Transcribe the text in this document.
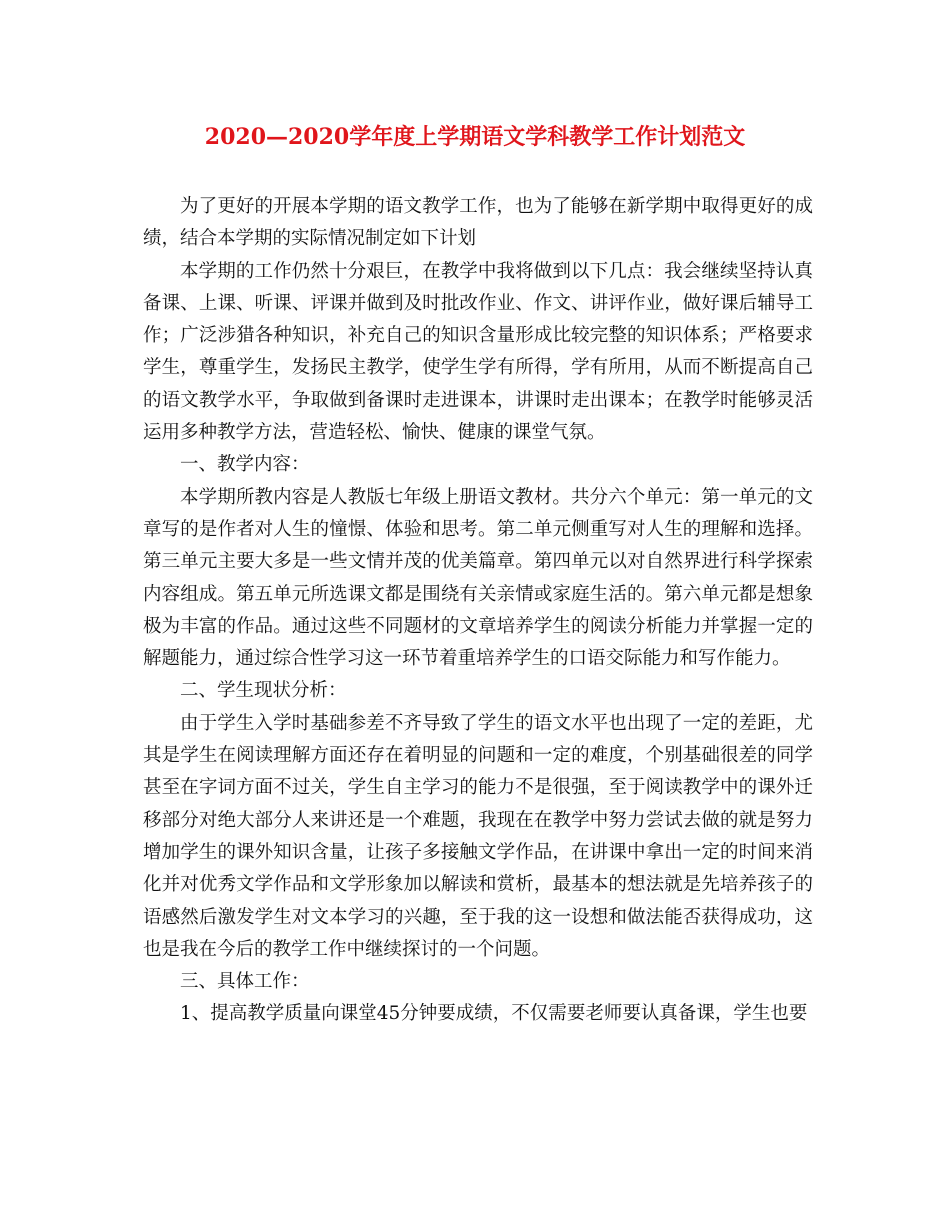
2020—2020学年度上学期语文学科教学工作计划范文

为了更好的开展本学期的语文教学工作，也为了能够在新学期中取得更好的成绩，结合本学期的实际情况制定如下计划

本学期的工作仍然十分艰巨，在教学中我将做到以下几点：我会继续坚持认真备课、上课、听课、评课并做到及时批改作业、作文、讲评作业，做好课后辅导工作；广泛涉猎各种知识，补充自己的知识含量形成比较完整的知识体系；严格要求学生，尊重学生，发扬民主教学，使学生学有所得，学有所用，从而不断提高自己的语文教学水平，争取做到备课时走进课本，讲课时走出课本；在教学时能够灵活运用多种教学方法，营造轻松、愉快、健康的课堂气氛。

一、教学内容：

本学期所教内容是人教版七年级上册语文教材。共分六个单元：第一单元的文章写的是作者对人生的憧憬、体验和思考。第二单元侧重写对人生的理解和选择。第三单元主要大多是一些文情并茂的优美篇章。第四单元以对自然界进行科学探索内容组成。第五单元所选课文都是围绕有关亲情或家庭生活的。第六单元都是想象极为丰富的作品。通过这些不同题材的文章培养学生的阅读分析能力并掌握一定的解题能力，通过综合性学习这一环节着重培养学生的口语交际能力和写作能力。

二、学生现状分析：

由于学生入学时基础参差不齐导致了学生的语文水平也出现了一定的差距，尤其是学生在阅读理解方面还存在着明显的问题和一定的难度，个别基础很差的同学甚至在字词方面不过关，学生自主学习的能力不是很强，至于阅读教学中的课外迁移部分对绝大部分人来讲还是一个难题，我现在在教学中努力尝试去做的就是努力增加学生的课外知识含量，让孩子多接触文学作品，在讲课中拿出一定的时间来消化并对优秀文学作品和文学形象加以解读和赏析，最基本的想法就是先培养孩子的语感然后激发学生对文本学习的兴趣，至于我的这一设想和做法能否获得成功，这也是我在今后的教学工作中继续探讨的一个问题。

三、具体工作：

1、提高教学质量向课堂45分钟要成绩，不仅需要老师要认真备课，学生也要
